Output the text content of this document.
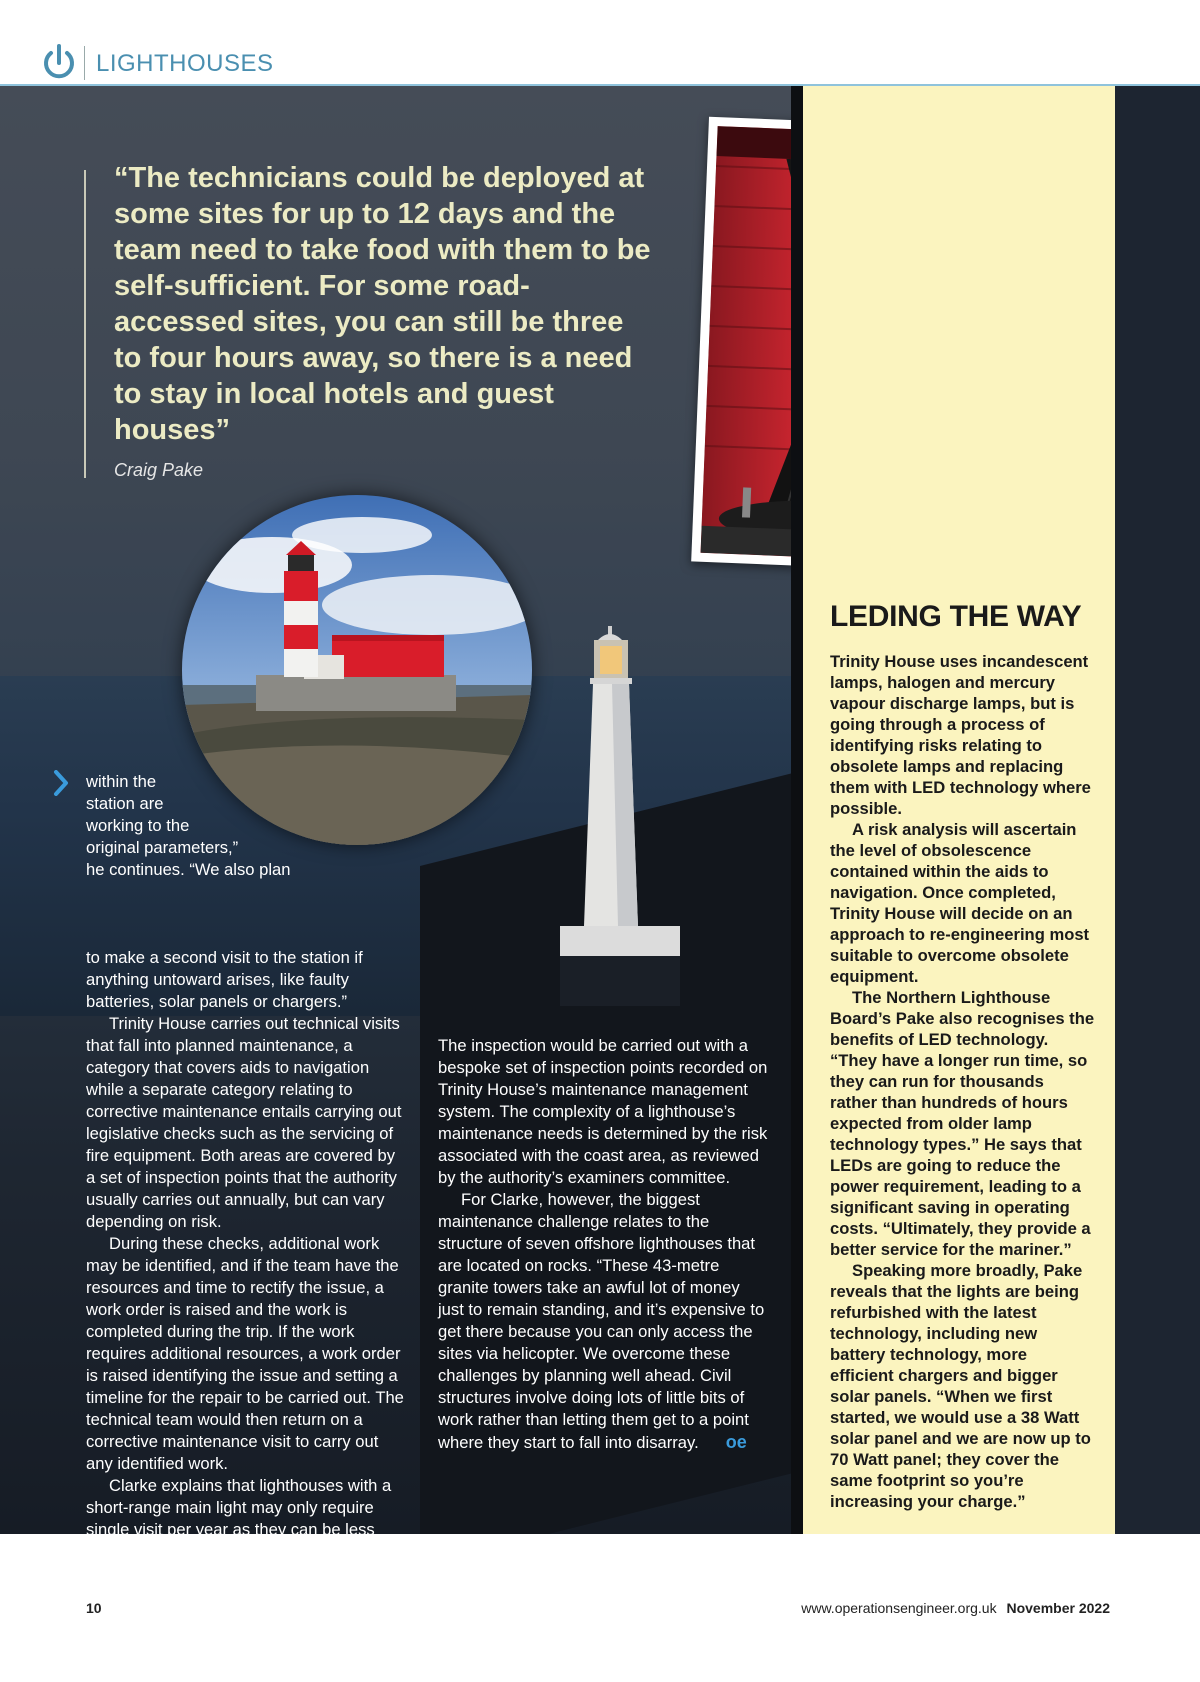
LIGHTHOUSES
“The technicians could be deployed at some sites for up to 12 days and the team need to take food with them to be self-sufficient. For some road-accessed sites, you can still be three to four hours away, so there is a need to stay in local hotels and guest houses”
Craig Pake
LEDING THE WAY

Trinity House uses incandescent lamps, halogen and mercury vapour discharge lamps, but is going through a process of identifying risks relating to obsolete lamps and replacing them with LED technology where possible.

A risk analysis will ascertain the level of obsolescence contained within the aids to navigation. Once completed, Trinity House will decide on an approach to re-engineering most suitable to overcome obsolete equipment.

The Northern Lighthouse Board’s Pake also recognises the benefits of LED technology. “They have a longer run time, so they can run for thousands rather than hundreds of hours expected from older lamp technology types.” He says that LEDs are going to reduce the power requirement, leading to a significant saving in operating costs. “Ultimately, they provide a better service for the mariner.”

Speaking more broadly, Pake reveals that the lights are being refurbished with the latest technology, including new battery technology, more efficient chargers and bigger solar panels. “When we first started, we would use a 38 Watt solar panel and we are now up to 70 Watt panel; they cover the same footprint so you’re increasing your charge.”

within the
station are
working to the
original parameters,”
he continues. “We also plan

to make a second visit to the station if anything untoward arises, like faulty batteries, solar panels or chargers.”

Trinity House carries out technical visits that fall into planned maintenance, a category that covers aids to navigation while a separate category relating to corrective maintenance entails carrying out legislative checks such as the servicing of fire equipment. Both areas are covered by a set of inspection points that the authority usually carries out annually, but can vary depending on risk.

During these checks, additional work may be identified, and if the team have the resources and time to rectify the issue, a work order is raised and the work is completed during the trip. If the work requires additional resources, a work order is raised identifying the issue and setting a timeline for the repair to be carried out. The technical team would then return on a corrective maintenance visit to carry out any identified work.

Clarke explains that lighthouses with a short-range main light may only require single visit per year as they can be less complex, depending on the location.

The inspection would be carried out with a bespoke set of inspection points recorded on Trinity House’s maintenance management system. The complexity of a lighthouse’s maintenance needs is determined by the risk associated with the coast area, as reviewed by the authority’s examiners committee.

For Clarke, however, the biggest maintenance challenge relates to the structure of seven offshore lighthouses that are located on rocks. “These 43-metre granite towers take an awful lot of money just to remain standing, and it’s expensive to get there because you can only access the sites via helicopter. We overcome these challenges by planning well ahead. Civil structures involve doing lots of little bits of work rather than letting them get to a point where they start to fall into disarray. oe

10	www.operationsengineer.org.uk November 2022
